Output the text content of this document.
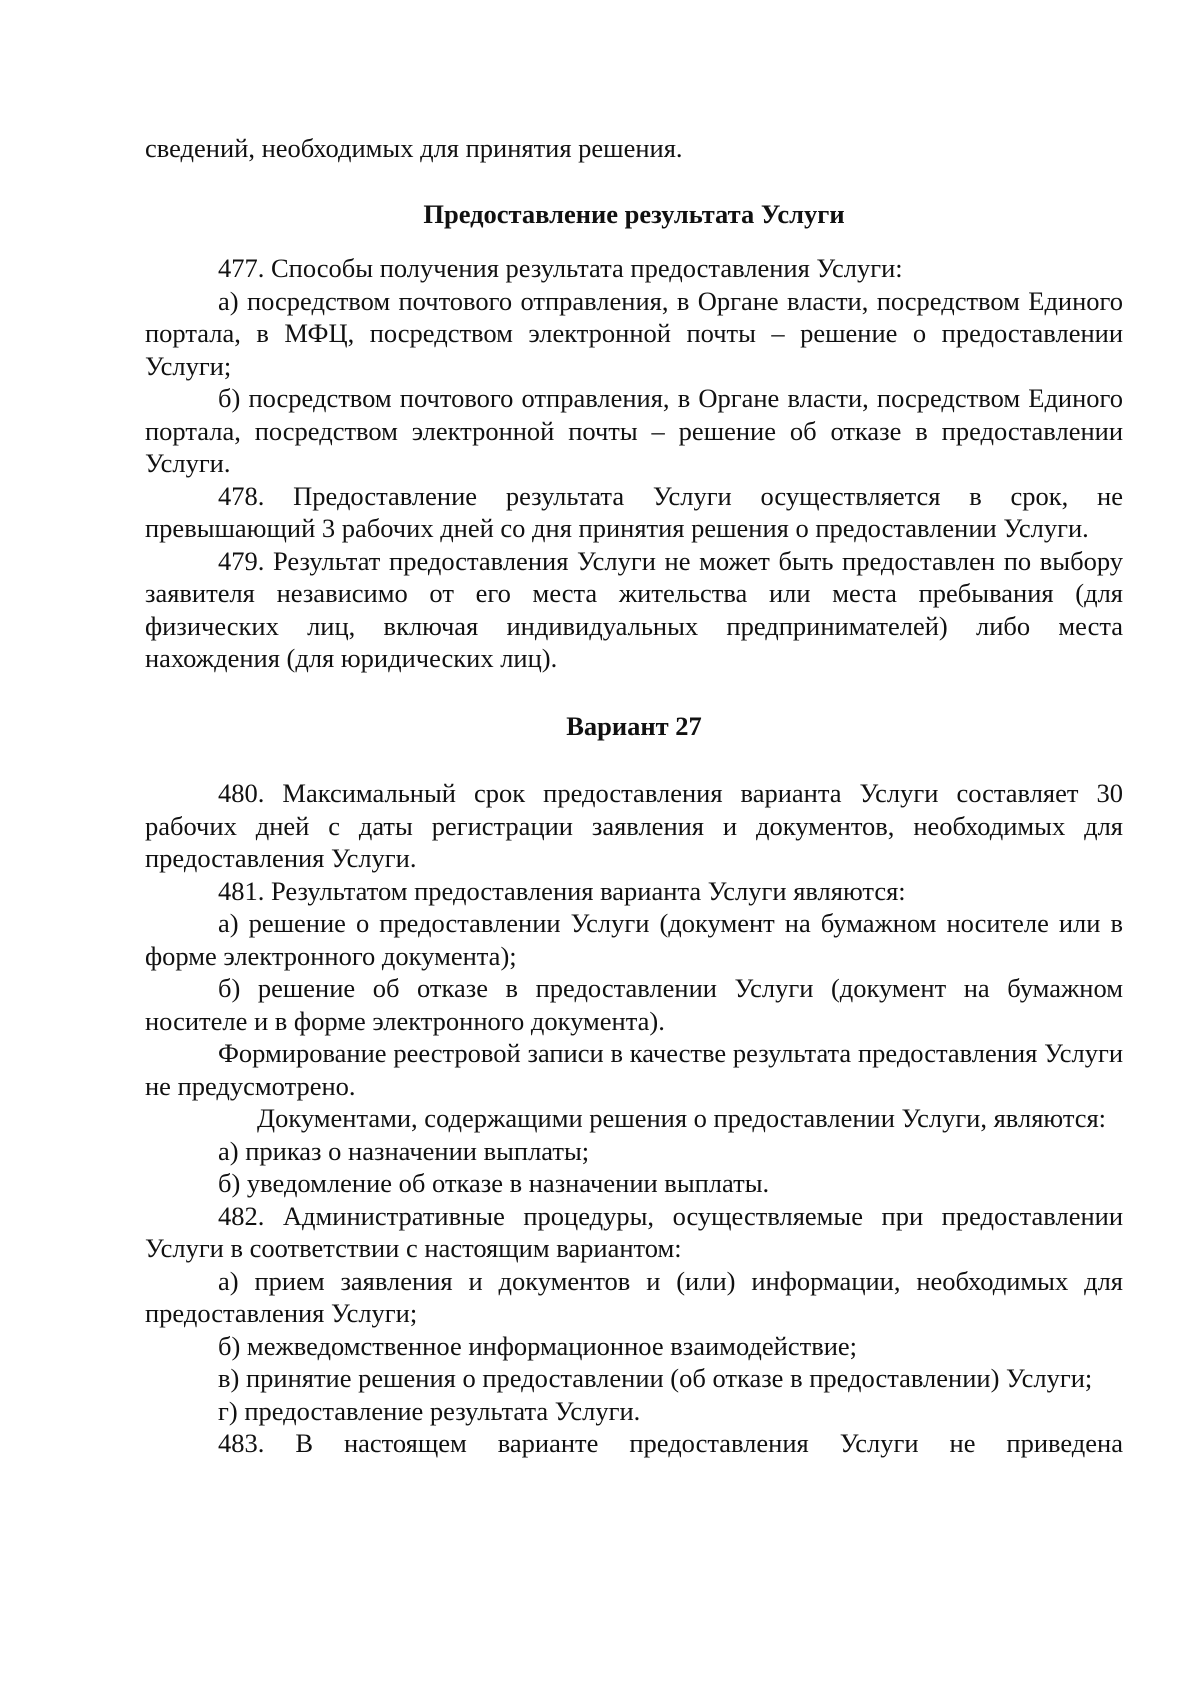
сведений, необходимых для принятия решения.

Предоставление результата Услуги

477. Способы получения результата предоставления Услуги:

а) посредством почтового отправления, в Органе власти, посредством Единого портала, в МФЦ, посредством электронной почты – решение о предоставлении Услуги;

б) посредством почтового отправления, в Органе власти, посредством Единого портала, посредством электронной почты – решение об отказе в предоставлении Услуги.

478. Предоставление результата Услуги осуществляется в срок, не превышающий 3 рабочих дней со дня принятия решения о предоставлении Услуги.

479. Результат предоставления Услуги не может быть предоставлен по выбору заявителя независимо от его места жительства или места пребывания (для физических лиц, включая индивидуальных предпринимателей) либо места нахождения (для юридических лиц).

Вариант 27

480. Максимальный срок предоставления варианта Услуги составляет 30 рабочих дней с даты регистрации заявления и документов, необходимых для предоставления Услуги.

481. Результатом предоставления варианта Услуги являются:

а) решение о предоставлении Услуги (документ на бумажном носителе или в форме электронного документа);

б) решение об отказе в предоставлении Услуги (документ на бумажном носителе и в форме электронного документа).

Формирование реестровой записи в качестве результата предоставления Услуги не предусмотрено.

Документами, содержащими решения о предоставлении Услуги, являются:

а) приказ о назначении выплаты;

б) уведомление об отказе в назначении выплаты.

482. Административные процедуры, осуществляемые при предоставлении Услуги в соответствии с настоящим вариантом:

а) прием заявления и документов и (или) информации, необходимых для предоставления Услуги;

б) межведомственное информационное взаимодействие;

в) принятие решения о предоставлении (об отказе в предоставлении) Услуги;

г) предоставление результата Услуги.

483. В настоящем варианте предоставления Услуги не приведена
